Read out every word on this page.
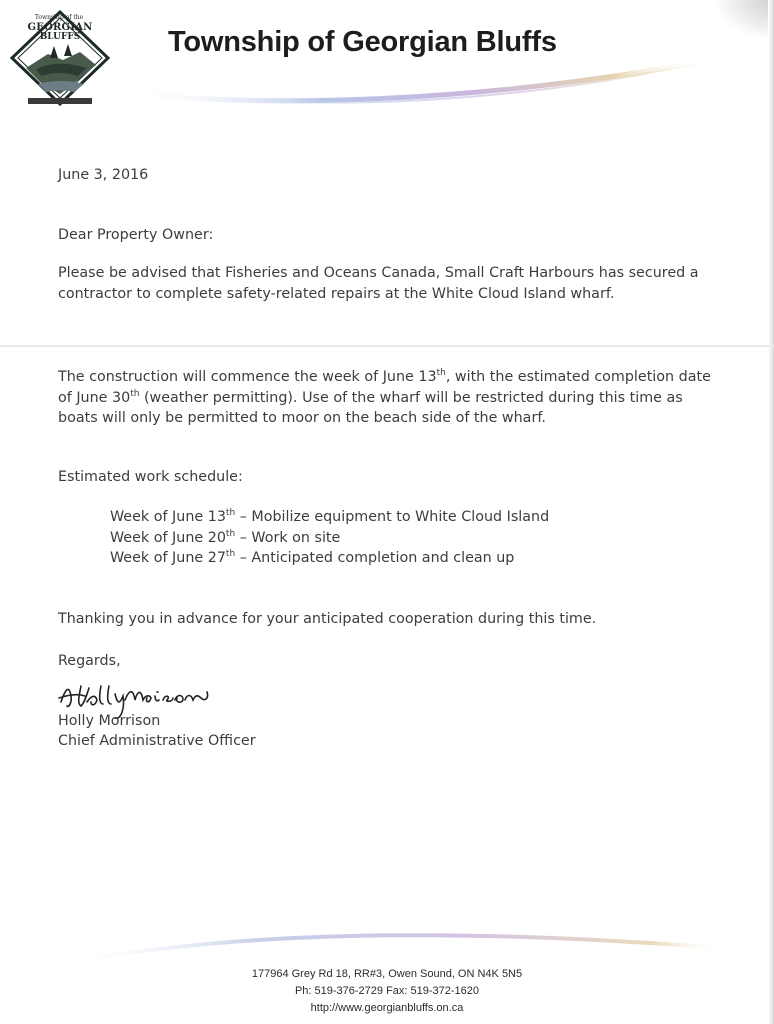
Township of the
GEORGIAN
BLUFFS	Township of Georgian Bluffs
June 3, 2016
Dear Property Owner:
Please be advised that Fisheries and Oceans Canada, Small Craft Harbours has secured a contractor to complete safety-related repairs at the White Cloud Island wharf.
The construction will commence the week of June 13th, with the estimated completion date of June 30th (weather permitting). Use of the wharf will be restricted during this time as boats will only be permitted to moor on the beach side of the wharf.
Estimated work schedule:
Week of June 13th – Mobilize equipment to White Cloud Island
Week of June 20th – Work on site
Week of June 27th – Anticipated completion and clean up
Thanking you in advance for your anticipated cooperation during this time.
Regards,
Holly Morrison
Chief Administrative Officer
177964 Grey Rd 18, RR#3, Owen Sound, ON N4K 5N5
Ph: 519-376-2729 Fax: 519-372-1620
http://www.georgianbluffs.on.ca
